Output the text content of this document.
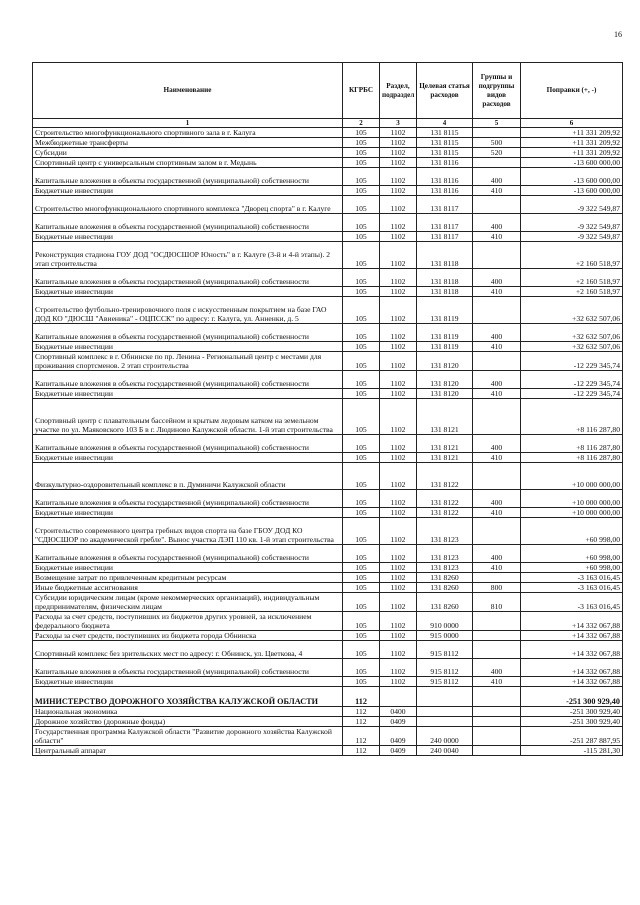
16
Наименование	КГРБС	Раздел, подраздел	Целевая статья расходов	Группы и подгруппы видов расходов	Поправки (+, -)
1	2	3	4	5	6
Строительство многофункционального спортивного зала в г. Калуга	105	1102	131 8115		+11 331 209,92
Межбюджетные трансферты	105	1102	131 8115	500	+11 331 209,92
Субсидии	105	1102	131 8115	520	+11 331 209,92
Спортивный центр с универсальным спортивным залом в г. Медынь	105	1102	131 8116		-13 600 000,00
Капитальные вложения в объекты государственной (муниципальной) собственности	105	1102	131 8116	400	-13 600 000,00
Бюджетные инвестиции	105	1102	131 8116	410	-13 600 000,00
Строительство многофункционального спортивного комплекса "Дворец спорта" в г. Калуге	105	1102	131 8117		-9 322 549,87
Капитальные вложения в объекты государственной (муниципальной) собственности	105	1102	131 8117	400	-9 322 549,87
Бюджетные инвестиции	105	1102	131 8117	410	-9 322 549,87
Реконструкция стадиона ГОУ ДОД "ОСДЮСШОР Юность" в г. Калуге (3-й и 4-й этапы). 2 этап строительства	105	1102	131 8118		+2 160 518,97
Капитальные вложения в объекты государственной (муниципальной) собственности	105	1102	131 8118	400	+2 160 518,97
Бюджетные инвестиции	105	1102	131 8118	410	+2 160 518,97
Строительство футбольно-тренировочного поля с искусственным покрытием на базе ГАО ДОД КО "ДЮСШ "Авиеника" - ОЦПССК" по адресу: г. Калуга, ул. Анненки, д. 5	105	1102	131 8119		+32 632 507,06
Капитальные вложения в объекты государственной (муниципальной) собственности	105	1102	131 8119	400	+32 632 507,06
Бюджетные инвестиции	105	1102	131 8119	410	+32 632 507,06
Спортивный комплекс в г. Обнинске по пр. Ленина - Региональный центр с местами для проживания спортсменов. 2 этап строительства	105	1102	131 8120		-12 229 345,74
Капитальные вложения в объекты государственной (муниципальной) собственности	105	1102	131 8120	400	-12 229 345,74
Бюджетные инвестиции	105	1102	131 8120	410	-12 229 345,74
Спортивный центр с плавательным бассейном и крытым ледовым катком на земельном участке по ул. Маяковского 103 Б в г. Людиново Калужской области. 1-й этап строительства	105	1102	131 8121		+8 116 287,80
Капитальные вложения в объекты государственной (муниципальной) собственности	105	1102	131 8121	400	+8 116 287,80
Бюджетные инвестиции	105	1102	131 8121	410	+8 116 287,80
Физкультурно-оздоровительный комплекс в п. Думиничи Калужской области	105	1102	131 8122		+10 000 000,00
Капитальные вложения в объекты государственной (муниципальной) собственности	105	1102	131 8122	400	+10 000 000,00
Бюджетные инвестиции	105	1102	131 8122	410	+10 000 000,00
Строительство современного центра гребных видов спорта на базе ГБОУ ДОД КО "СДЮСШОР по академической гребле". Вынос участка ЛЭП 110 кв. 1-й этап строительства	105	1102	131 8123		+60 998,00
Капитальные вложения в объекты государственной (муниципальной) собственности	105	1102	131 8123	400	+60 998,00
Бюджетные инвестиции	105	1102	131 8123	410	+60 998,00
Возмещение затрат по привлеченным кредитным ресурсам	105	1102	131 8260		-3 163 016,45
Иные бюджетные ассигнования	105	1102	131 8260	800	-3 163 016,45
Субсидии юридическим лицам (кроме некоммерческих организаций), индивидуальным предпринимателям, физическим лицам	105	1102	131 8260	810	-3 163 016,45
Расходы за счет средств, поступивших из бюджетов других уровней, за исключением федерального бюджета	105	1102	910 0000		+14 332 067,88
Расходы за счет средств, поступивших из бюджета города Обнинска	105	1102	915 0000		+14 332 067,88
Спортивный комплекс без зрительских мест по адресу: г. Обнинск, ул. Цветкова, 4	105	1102	915 8112		+14 332 067,88
Капитальные вложения в объекты государственной (муниципальной) собственности	105	1102	915 8112	400	+14 332 067,88
Бюджетные инвестиции	105	1102	915 8112	410	+14 332 067,88
МИНИСТЕРСТВО ДОРОЖНОГО ХОЗЯЙСТВА КАЛУЖСКОЙ ОБЛАСТИ	112				-251 300 929,40
Национальная экономика	112	0400			-251 300 929,40
Дорожное хозяйство (дорожные фонды)	112	0409			-251 300 929,40
Государственная программа Калужской области "Развитие дорожного хозяйства Калужской области"	112	0409	240 0000		-251 287 887,95
Центральный аппарат	112	0409	240 0040		-115 281,30
